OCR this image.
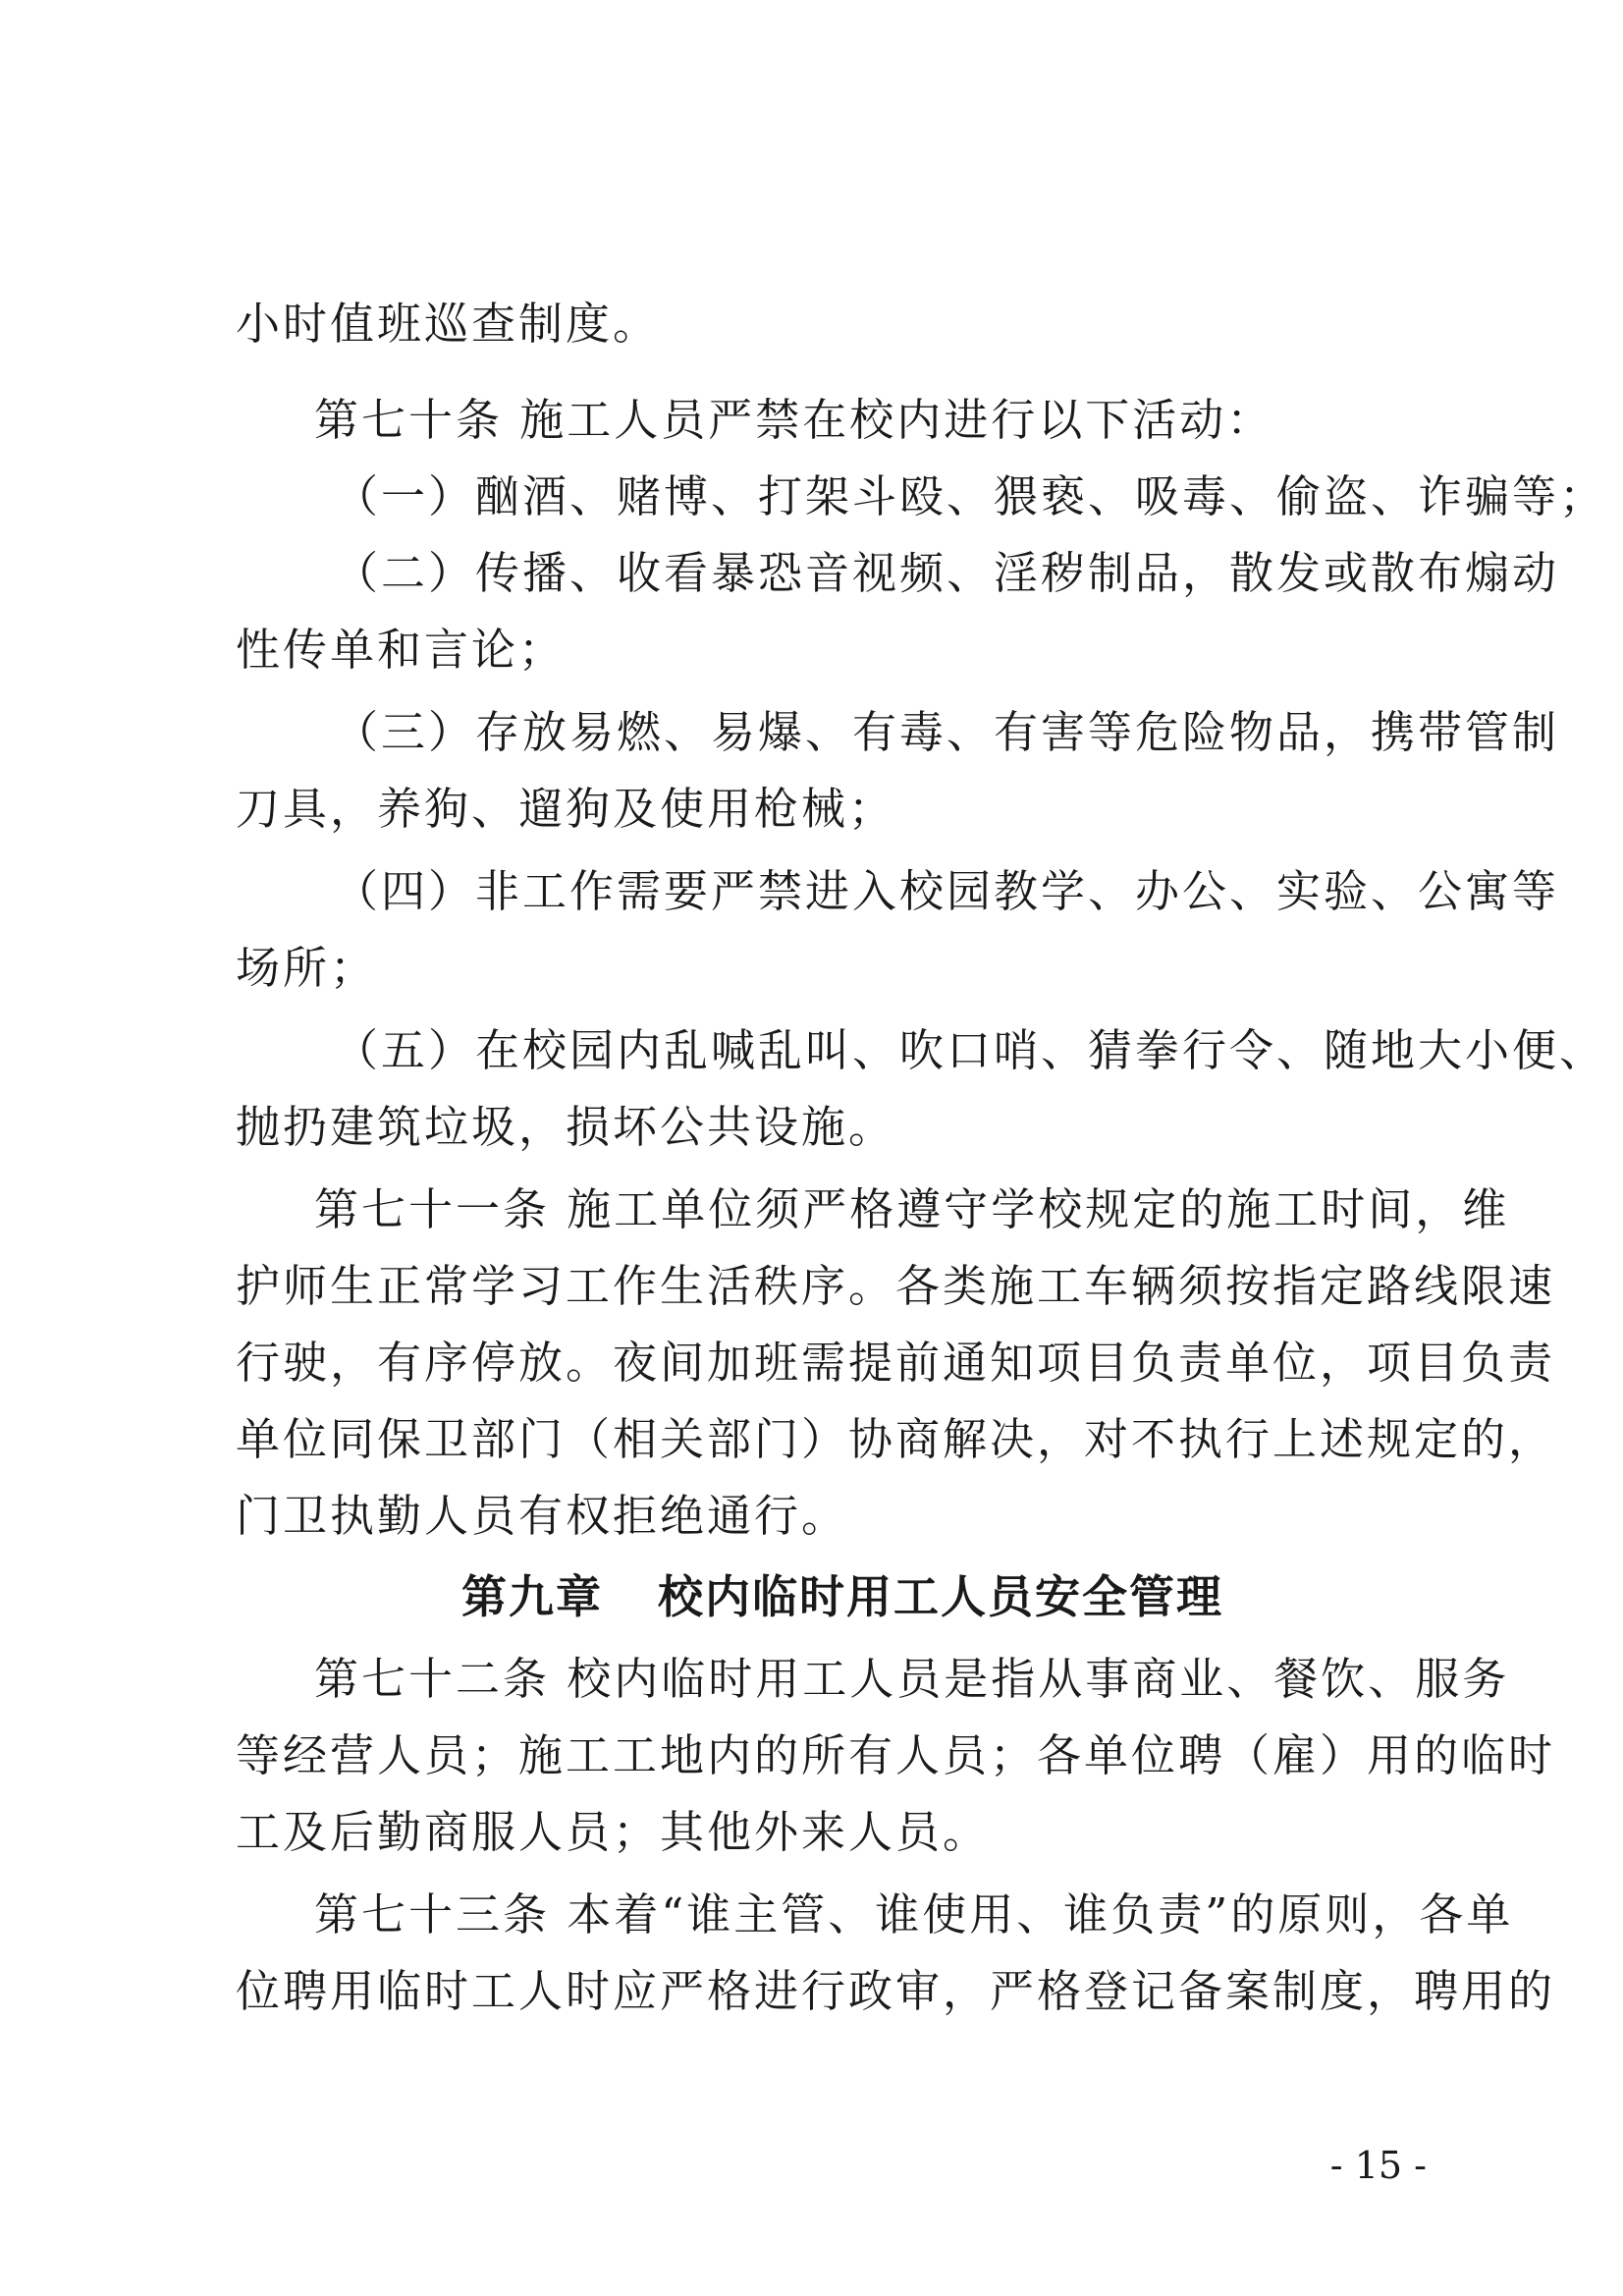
小时值班巡查制度。
第七十条 施工人员严禁在校内进行以下活动：
（一）酗酒、赌博、打架斗殴、猥亵、吸毒、偷盗、诈骗等；
（二）传播、收看暴恐音视频、淫秽制品，散发或散布煽动
性传单和言论；
（三）存放易燃、易爆、有毒、有害等危险物品，携带管制
刀具，养狗、遛狗及使用枪械；
（四）非工作需要严禁进入校园教学、办公、实验、公寓等
场所；
（五）在校园内乱喊乱叫、吹口哨、猜拳行令、随地大小便、
抛扔建筑垃圾，损坏公共设施。
第七十一条 施工单位须严格遵守学校规定的施工时间，维
护师生正常学习工作生活秩序。各类施工车辆须按指定路线限速
行驶，有序停放。夜间加班需提前通知项目负责单位，项目负责
单位同保卫部门（相关部门）协商解决，对不执行上述规定的，
门卫执勤人员有权拒绝通行。
第九章 校内临时用工人员安全管理
第七十二条 校内临时用工人员是指从事商业、餐饮、服务
等经营人员；施工工地内的所有人员；各单位聘（雇）用的临时
工及后勤商服人员；其他外来人员。
第七十三条 本着“谁主管、谁使用、谁负责”的原则，各单
位聘用临时工人时应严格进行政审，严格登记备案制度，聘用的
- 15 -
